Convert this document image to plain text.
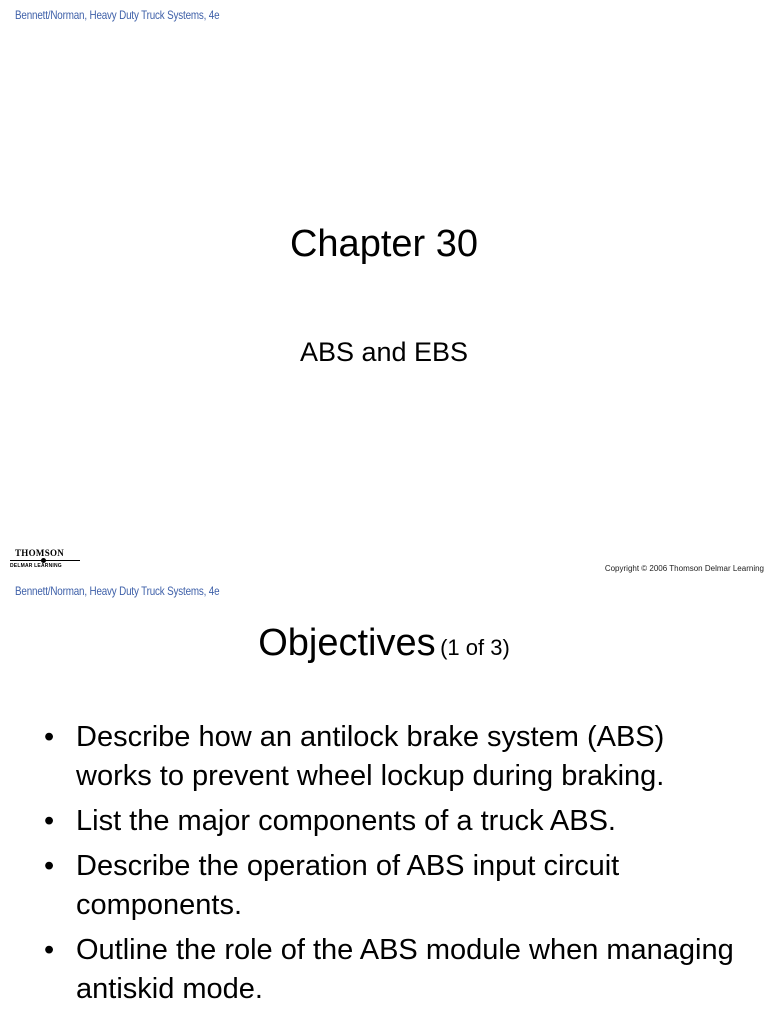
Bennett/Norman, Heavy Duty Truck Systems, 4e
Chapter 30
ABS and EBS
THOMSON
DELMAR LEARNING	Copyright © 2006 Thomson Delmar Learning
Bennett/Norman, Heavy Duty Truck Systems, 4e
Objectives (1 of 3)
• Describe how an antilock brake system (ABS) works to prevent wheel lockup during braking.
• List the major components of a truck ABS.
• Describe the operation of ABS input circuit components.
• Outline the role of the ABS module when managing antiskid mode.
